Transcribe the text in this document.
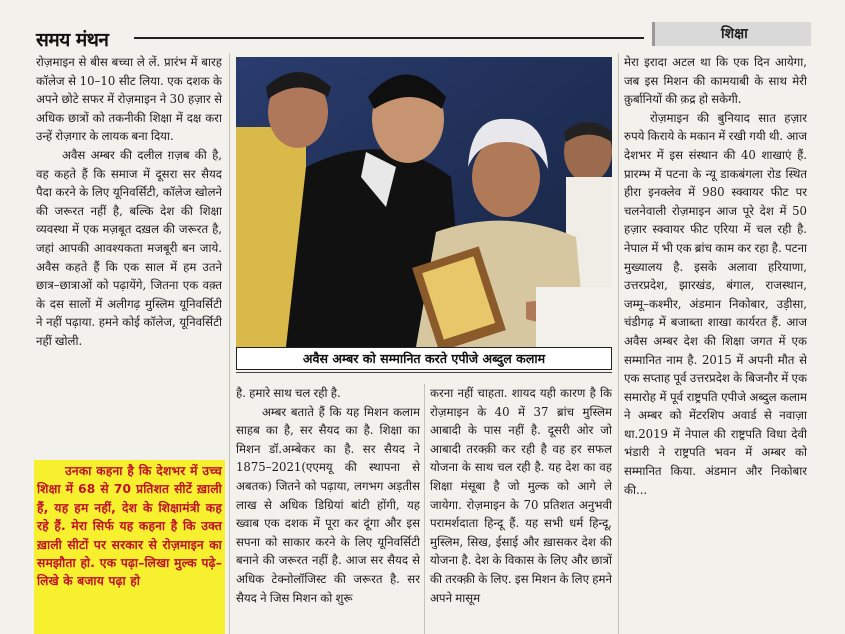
समय मंथन	शिक्षा

रोज़माइन से बीस बच्चा ले लें. प्रारंभ में बारह कॉलेज से 10–10 सीट लिया. एक दशक के अपने छोटे सफर में रोज़माइन ने 30 हज़ार से अधिक छात्रों को तकनीकी शिक्षा में दक्ष करा उन्हें रोज़गार के लायक बना दिया.

अवैस अम्बर की दलील ग़ज़ब की है, वह कहते हैं कि समाज में दूसरा सर सैयद पैदा करने के लिए यूनिवर्सिटी, कॉलेज खोलने की जरूरत नहीं है, बल्कि देश की शिक्षा व्यवस्था में एक मज़बूत दख़ल की जरूरत है, जहां आपकी आवश्यकता मजबूरी बन जाये. अवैस कहते हैं कि एक साल में हम उतने छात्र–छात्राओं को पढ़ायेंगे, जितना एक वक़्त के दस सालों में अलीगढ़ मुस्लिम यूनिवर्सिटी ने नहीं पढ़ाया. हमने कोई कॉलेज, यूनिवर्सिटी नहीं खोली.

उनका कहना है कि देशभर में उच्च शिक्षा में 68 से 70 प्रतिशत सीटें ख़ाली हैं, यह हम नहीं, देश के शिक्षामंत्री कह रहे हैं. मेरा सिर्फ यह कहना है कि उक्त ख़ाली सीटों पर सरकार से रोज़माइन का समझौता हो. एक पढ़ा–लिखा मुल्क पढ़े–लिखे के बजाय पढ़ा हो

अवैस अम्बर को सम्मानित करते एपीजे अब्दुल कलाम

है. हमारे साथ चल रही है.

अम्बर बताते हैं कि यह मिशन कलाम साहब का है, सर सैयद का है. शिक्षा का मिशन डॉ.अम्बेकर का है. सर सैयद ने 1875–2021(एएमयू की स्थापना से अबतक) जितने को पढ़ाया, लगभग अड़तीस लाख से अधिक डिग्रियां बांटी होंगी, यह ख्वाब एक दशक में पूरा कर दूंगा और इस सपना को साकार करने के लिए यूनिवर्सिटी बनाने की जरूरत नहीं है. आज सर सैयद से अधिक टेक्नोलॉजिस्ट की जरूरत है. सर सैयद ने जिस मिशन को शुरू

करना नहीं चाहता. शायद यही कारण है कि रोज़माइन के 40 में 37 ब्रांच मुस्लिम आबादी के पास नहीं है. दूसरी ओर जो आबादी तरक्क़ी कर रही है वह हर सफल योजना के साथ चल रही है. यह देश का वह शिक्षा मंसूबा है जो मुल्क को आगे ले जायेगा. रोज़माइन के 70 प्रतिशत अनुभवी परामर्शदाता हिन्दू हैं. यह सभी धर्म हिन्दू, मुस्लिम, सिख, ईसाई और ख़ासकर देश की योजना है. देश के विकास के लिए और छात्रों की तरक्क़ी के लिए. इस मिशन के लिए हमने अपने मासूम

मेरा इरादा अटल था कि एक दिन आयेगा, जब इस मिशन की कामयाबी के साथ मेरी क़ुर्बानियों की क़द्र हो सकेगी.

रोज़माइन की बुनियाद सात हज़ार रुपये किराये के मकान में रखी गयी थी. आज देशभर में इस संस्थान की 40 शाखाएं हैं. प्रारम्भ में पटना के न्यू डाकबंगला रोड स्थित हीरा इनक्लेव में 980 स्क्वायर फीट पर चलनेवाली रोज़माइन आज पूरे देश में 50 हज़ार स्क्वायर फीट एरिया में चल रही है. नेपाल में भी एक ब्रांच काम कर रहा है. पटना मुख्यालय है. इसके अलावा हरियाणा, उत्तरप्रदेश, झारखंड, बंगाल, राजस्थान, जम्मू–कश्मीर, अंडमान निकोबार, उड़ीसा, चंडीगढ़ में बजाब्ता शाखा कार्यरत हैं. आज अवैस अम्बर देश की शिक्षा जगत में एक सम्मानित नाम है. 2015 में अपनी मौत से एक सप्ताह पूर्व उत्तरप्रदेश के बिजनौर में एक समारोह में पूर्व राष्ट्रपति एपीजे अब्दुल कलाम ने अम्बर को मेंटरशिप अवार्ड से नवाज़ा था.2019 में नेपाल की राष्ट्रपति विधा देवी भंडारी ने राष्ट्रपति भवन में अम्बर को सम्मानित किया. अंडमान और निकोबार की...
